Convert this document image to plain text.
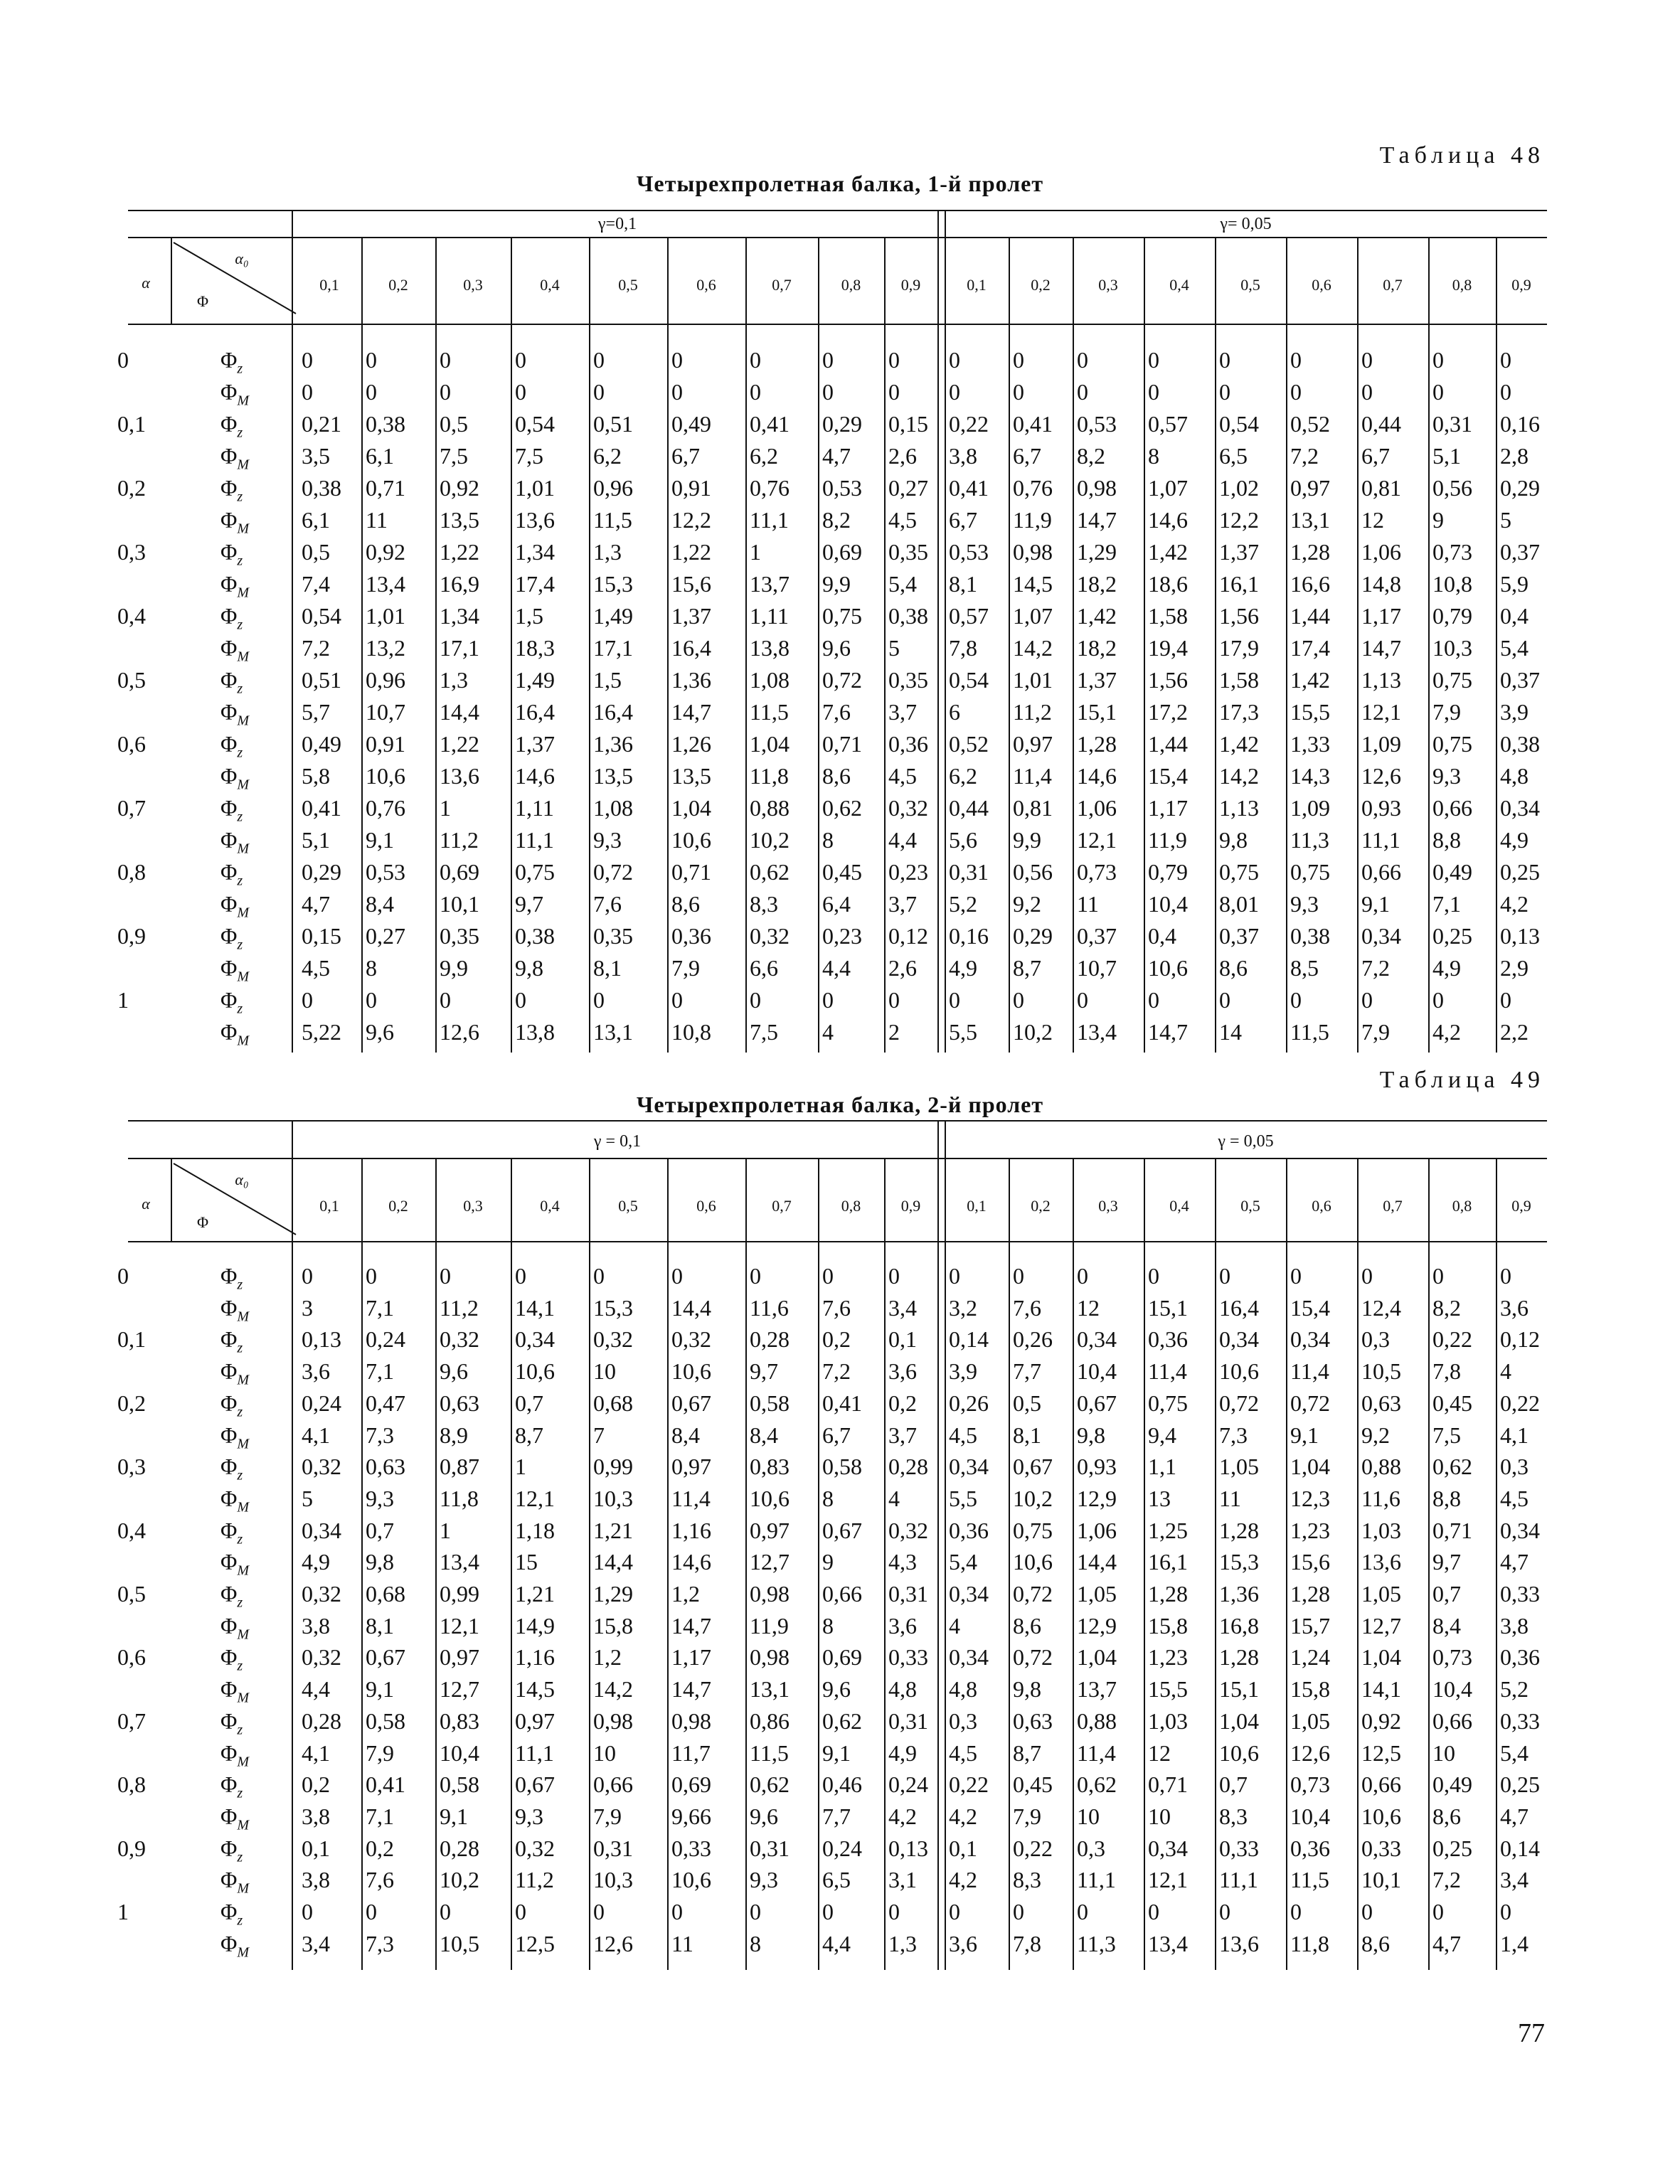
Таблица 48
Четырехпролетная балка, 1-й пролет
γ=0,1	γ= 0,05
α
α₀
Φ
0,1	0,2	0,3	0,4	0,5	0,6	0,7	0,8	0,9	0,1	0,2	0,3	0,4	0,5	0,6	0,7	0,8	0,9
0	$\Phi_z$	0 0	0	0	0	0	0	0 0 0 0 0	0	0	0	0	0 0
$\Phi_M$ 0 0	0	0	0	0	0	0 0 0 0 0	0	0	0	0	0 0
0,1	$\Phi_z$	0,21 0,38 0,5 0,54 0,51 0,49 0,41 0,29 0,15 0,22 0,41 0,53 0,57 0,54 0,52 0,44 0,31 0,16
$\Phi_M$ 3,5 6,1 7,5 7,5 6,2 6,7 6,2 4,7 2,6 3,8 6,7 8,2 8	6,5 7,2 6,7 5,1 2,8
0,2	$\Phi_z$	0,38 0,71 0,92 1,01 0,96 0,91 0,76 0,53 0,27 0,41 0,76 0,98 1,07 1,02 0,97 0,81 0,56 0,29
$\Phi_M$ 6,1 11 13,5 13,6 11,5 12,2 11,1 8,2 4,5 6,7 11,9 14,7 14,6 12,2 13,1 12 9 5
0,3	$\Phi_z$	0,5 0,92 1,22 1,34 1,3 1,22 1	0,69 0,35 0,53 0,98 1,29 1,42 1,37 1,28 1,06 0,73 0,37
$\Phi_M$ 7,4 13,4 16,9 17,4 15,3 15,6 13,7 9,9 5,4 8,1 14,5 18,2 18,6 16,1 16,6 14,8 10,8 5,9
0,4	$\Phi_z$	0,54 1,01 1,34 1,5 1,49 1,37 1,11 0,75 0,38 0,57 1,07 1,42 1,58 1,56 1,44 1,17 0,79 0,4
$\Phi_M$ 7,2 13,2 17,1 18,3 17,1 16,4 13,8 9,6 5 7,8 14,2 18,2 19,4 17,9 17,4 14,7 10,3 5,4
0,5	$\Phi_z$	0,51 0,96 1,3 1,49 1,5 1,36 1,08 0,72 0,35 0,54 1,01 1,37 1,56 1,58 1,42 1,13 0,75 0,37
$\Phi_M$ 5,7 10,7 14,4 16,4 16,4 14,7 11,5 7,6 3,7 6 11,2 15,1 17,2 17,3 15,5 12,1 7,9 3,9
0,6	$\Phi_z$	0,49 0,91 1,22 1,37 1,36 1,26 1,04 0,71 0,36 0,52 0,97 1,28 1,44 1,42 1,33 1,09 0,75 0,38
$\Phi_M$ 5,8 10,6 13,6 14,6 13,5 13,5 11,8 8,6 4,5 6,2 11,4 14,6 15,4 14,2 14,3 12,6 9,3 4,8
0,7	$\Phi_z$	0,41 0,76 1	1,11 1,08 1,04 0,88 0,62 0,32 0,44 0,81 1,06 1,17 1,13 1,09 0,93 0,66 0,34
$\Phi_M$ 5,1 9,1 11,2 11,1 9,3 10,6 10,2 8 4,4 5,6 9,9 12,1 11,9 9,8 11,3 11,1 8,8 4,9
0,8	$\Phi_z$	0,29 0,53 0,69 0,75 0,72 0,71 0,62 0,45 0,23 0,31 0,56 0,73 0,79 0,75 0,75 0,66 0,49 0,25
$\Phi_M$ 4,7 8,4 10,1 9,7 7,6 8,6 8,3 6,4 3,7 5,2 9,2 11 10,4 8,01 9,3 9,1 7,1 4,2
0,9	$\Phi_z$	0,15 0,27 0,35 0,38 0,35 0,36 0,32 0,23 0,12 0,16 0,29 0,37 0,4 0,37 0,38 0,34 0,25 0,13
$\Phi_M$ 4,5 8	9,9 9,8 8,1 7,9 6,6 4,4 2,6 4,9 8,7 10,7 10,6 8,6 8,5 7,2 4,9 2,9
1	$\Phi_z$	0 0	0	0	0	0	0	0 0 0 0 0	0	0	0	0	0 0
$\Phi_M$ 5,22 9,6 12,6 13,8 13,1 10,8 7,5 4 2 5,5 10,2 13,4 14,7 14 11,5 7,9 4,2 2,2
Таблица 49
Четырехпролетная балка, 2-й пролет
γ = 0,1	γ = 0,05
α
α₀
Φ
0,1	0,2	0,3	0,4	0,5	0,6	0,7	0,8	0,9	0,1	0,2	0,3	0,4	0,5	0,6	0,7	0,8	0,9
0	$\Phi_z$	0 0	0	0	0	0	0	0 0 0 0 0	0	0	0	0	0 0
$\Phi_M$ 3 7,1 11,2 14,1 15,3 14,4 11,6 7,6 3,4 3,2 7,6 12 15,1 16,4 15,4 12,4 8,2 3,6
0,1	$\Phi_z$	0,13 0,24 0,32 0,34 0,32 0,32 0,28 0,2 0,1 0,14 0,26 0,34 0,36 0,34 0,34 0,3 0,22 0,12
$\Phi_M$ 3,6 7,1 9,6 10,6 10 10,6 9,7 7,2 3,6 3,9 7,7 10,4 11,4 10,6 11,4 10,5 7,8 4
0,2	$\Phi_z$	0,24 0,47 0,63 0,7 0,68 0,67 0,58 0,41 0,2 0,26 0,5 0,67 0,75 0,72 0,72 0,63 0,45 0,22
$\Phi_M$ 4,1 7,3 8,9 8,7 7	8,4 8,4 6,7 3,7 4,5 8,1 9,8 9,4 7,3 9,1 9,2 7,5 4,1
0,3	$\Phi_z$	0,32 0,63 0,87 1	0,99 0,97 0,83 0,58 0,28 0,34 0,67 0,93 1,1 1,05 1,04 0,88 0,62 0,3
$\Phi_M$ 5 9,3 11,8 12,1 10,3 11,4 10,6 8 4 5,5 10,2 12,9 13 11 12,3 11,6 8,8 4,5
0,4	$\Phi_z$	0,34 0,7 1	1,18 1,21 1,16 0,97 0,67 0,32 0,36 0,75 1,06 1,25 1,28 1,23 1,03 0,71 0,34
$\Phi_M$ 4,9 9,8 13,4 15 14,4 14,6 12,7 9 4,3 5,4 10,6 14,4 16,1 15,3 15,6 13,6 9,7 4,7
0,5	$\Phi_z$	0,32 0,68 0,99 1,21 1,29 1,2 0,98 0,66 0,31 0,34 0,72 1,05 1,28 1,36 1,28 1,05 0,7 0,33
$\Phi_M$ 3,8 8,1 12,1 14,9 15,8 14,7 11,9 8 3,6 4 8,6 12,9 15,8 16,8 15,7 12,7 8,4 3,8
0,6	$\Phi_z$	0,32 0,67 0,97 1,16 1,2 1,17 0,98 0,69 0,33 0,34 0,72 1,04 1,23 1,28 1,24 1,04 0,73 0,36
$\Phi_M$ 4,4 9,1 12,7 14,5 14,2 14,7 13,1 9,6 4,8 4,8 9,8 13,7 15,5 15,1 15,8 14,1 10,4 5,2
0,7	$\Phi_z$	0,28 0,58 0,83 0,97 0,98 0,98 0,86 0,62 0,31 0,3 0,63 0,88 1,03 1,04 1,05 0,92 0,66 0,33
$\Phi_M$ 4,1 7,9 10,4 11,1 10 11,7 11,5 9,1 4,9 4,5 8,7 11,4 12 10,6 12,6 12,5 10 5,4
0,8	$\Phi_z$	0,2 0,41 0,58 0,67 0,66 0,69 0,62 0,46 0,24 0,22 0,45 0,62 0,71 0,7 0,73 0,66 0,49 0,25
$\Phi_M$ 3,8 7,1 9,1 9,3 7,9 9,66 9,6 7,7 4,2 4,2 7,9 10 10 8,3 10,4 10,6 8,6 4,7
0,9	$\Phi_z$	0,1 0,2 0,28 0,32 0,31 0,33 0,31 0,24 0,13 0,1 0,22 0,3 0,34 0,33 0,36 0,33 0,25 0,14
$\Phi_M$ 3,8 7,6 10,2 11,2 10,3 10,6 9,3 6,5 3,1 4,2 8,3 11,1 12,1 11,1 11,5 10,1 7,2 3,4
1	$\Phi_z$	0 0	0	0	0	0	0	0 0 0 0 0	0	0	0	0	0 0
$\Phi_M$ 3,4 7,3 10,5 12,5 12,6 11 8	4,4 1,3 3,6 7,8 11,3 13,4 13,6 11,8 8,6 4,7 1,4
77
